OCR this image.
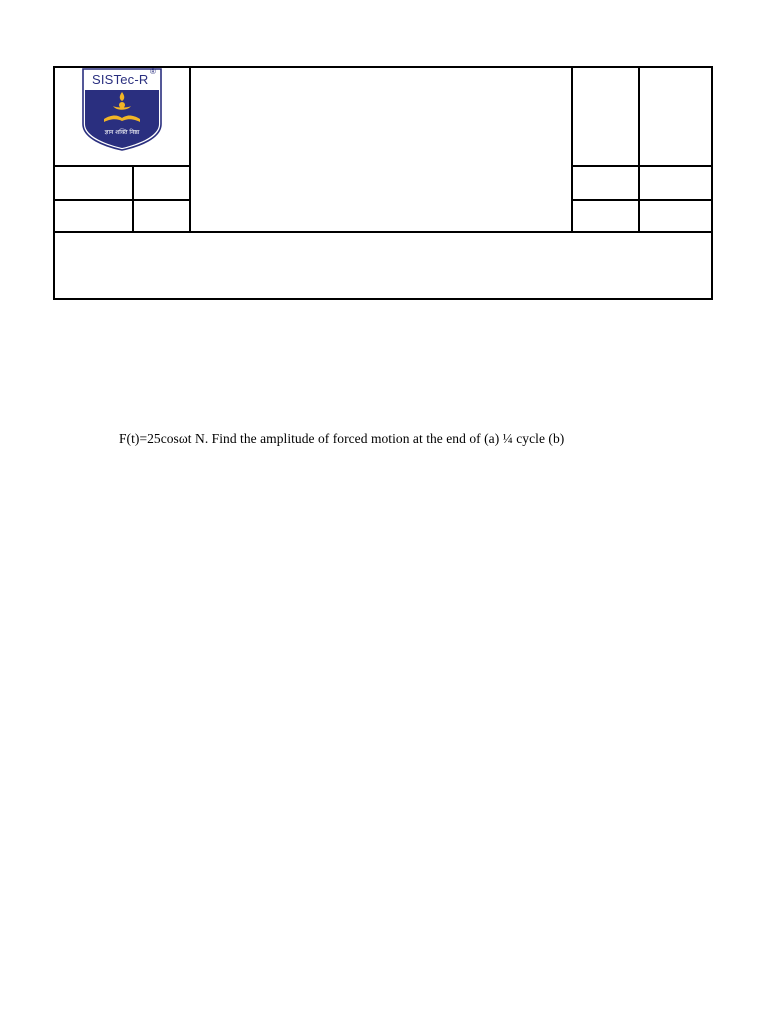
SISTec-R
®
ज्ञान शक्ति निष्ठा
F(t)=25cosωt N. Find the amplitude of forced motion at the end of (a) ¼ cycle (b)
